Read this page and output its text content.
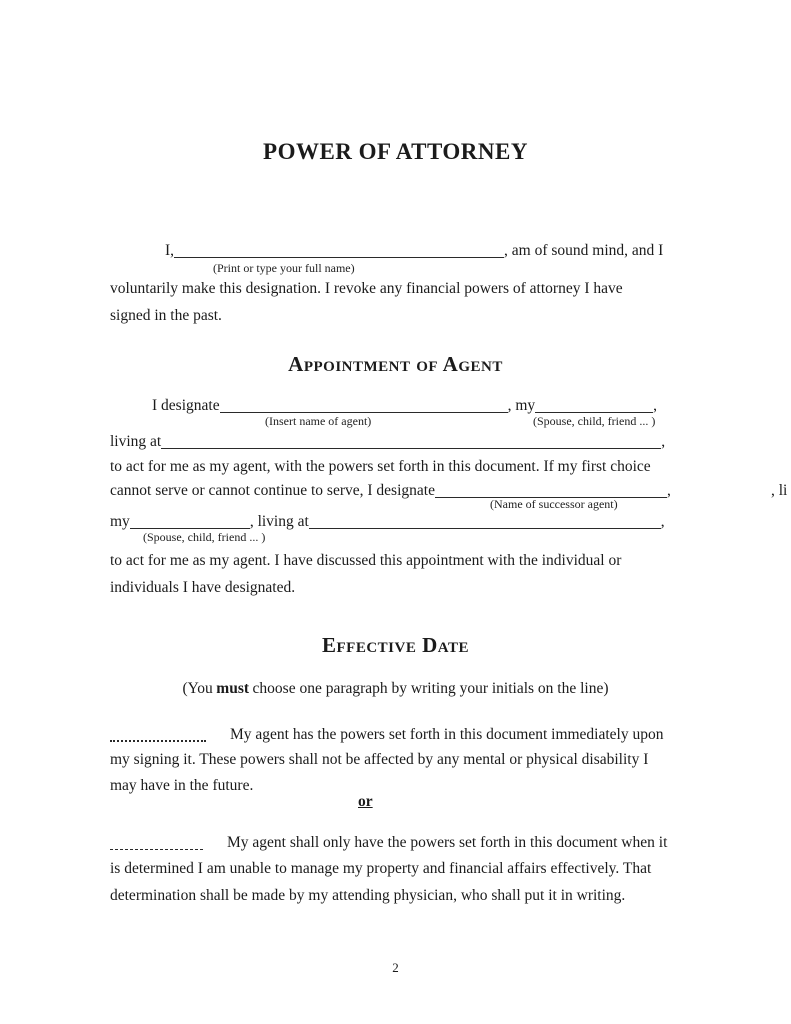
POWER OF ATTORNEY
I,	, am of sound mind, and I
(Print or type your full name)
voluntarily make this designation. I revoke any financial powers of attorney I have
signed in the past.
Appointment of Agent
I designate	, my	,
(Insert name of agent)	(Spouse, child, friend ... )
living at	,
to act for me as my agent, with the powers set forth in this document. If my first choice
cannot serve or cannot continue to serve, I designate	,	, li
(Name of successor agent)
my	, living at	,
(Spouse, child, friend ... )
to act for me as my agent. I have discussed this appointment with the individual or
individuals I have designated.
Effective Date
(You must choose one paragraph by writing your initials on the line)
My agent has the powers set forth in this document immediately upon
my signing it. These powers shall not be affected by any mental or physical disability I
may have in the future.
or
My agent shall only have the powers set forth in this document when it
is determined I am unable to manage my property and financial affairs effectively. That
determination shall be made by my attending physician, who shall put it in writing.
2
